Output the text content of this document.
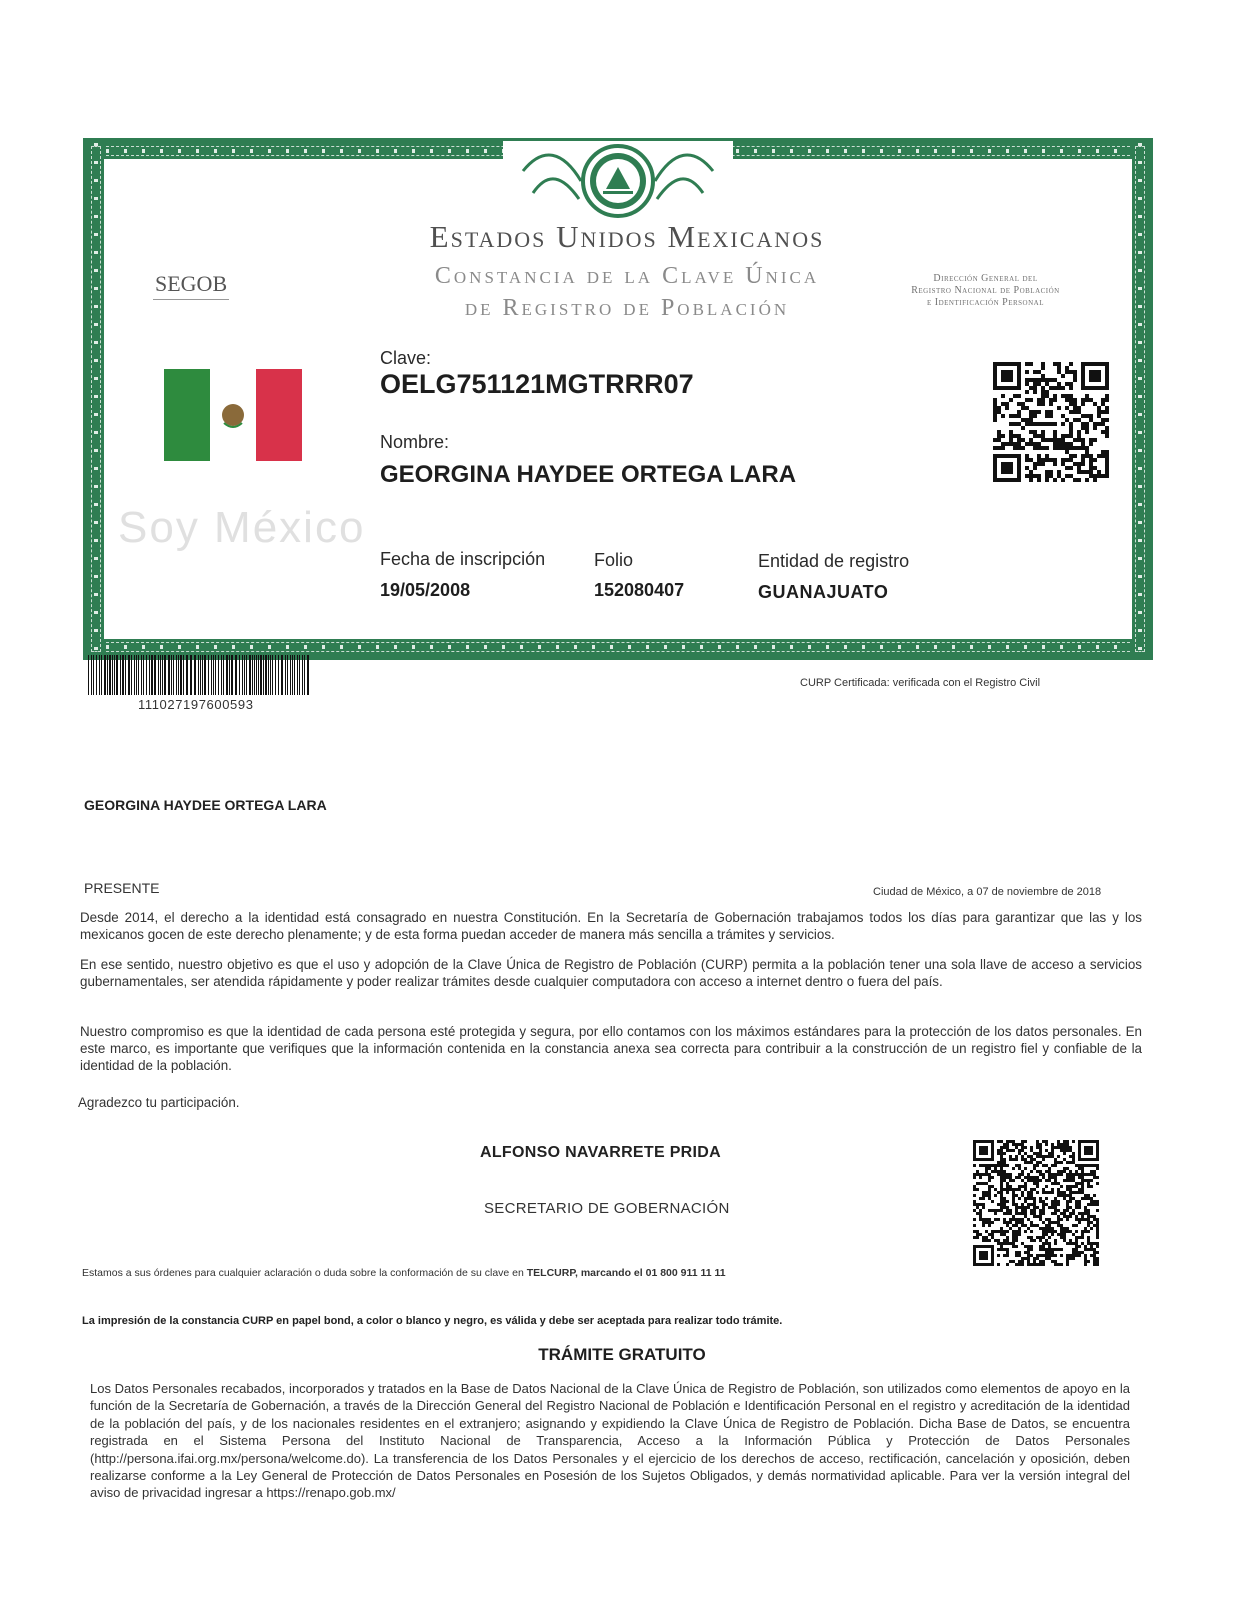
SEGOB
Estados Unidos Mexicanos
Constancia de la Clave Única
de Registro de Población
Dirección General del
Registro Nacional de Población
e Identificación Personal
Soy México
Clave:
OELG751121MGTRRR07
Nombre:
GEORGINA HAYDEE ORTEGA LARA
Fecha de inscripción
19/05/2008
Folio
152080407
Entidad de registro
GUANAJUATO
111027197600593
CURP Certificada: verificada con el Registro Civil
GEORGINA HAYDEE ORTEGA LARA
PRESENTE	Ciudad de México, a 07 de noviembre de 2018
Desde 2014, el derecho a la identidad está consagrado en nuestra Constitución. En la Secretaría de Gobernación trabajamos todos los días para garantizar que las y los mexicanos gocen de este derecho plenamente; y de esta forma puedan acceder de manera más sencilla a trámites y servicios.
En ese sentido, nuestro objetivo es que el uso y adopción de la Clave Única de Registro de Población (CURP) permita a la población tener una sola llave de acceso a servicios gubernamentales, ser atendida rápidamente y poder realizar trámites desde cualquier computadora con acceso a internet dentro o fuera del país.
Nuestro compromiso es que la identidad de cada persona esté protegida y segura, por ello contamos con los máximos estándares para la protección de los datos personales. En este marco, es importante que verifiques que la información contenida en la constancia anexa sea correcta para contribuir a la construcción de un registro fiel y confiable de la identidad de la población.
Agradezco tu participación.
ALFONSO NAVARRETE PRIDA
SECRETARIO DE GOBERNACIÓN
Estamos a sus órdenes para cualquier aclaración o duda sobre la conformación de su clave en TELCURP, marcando el 01 800 911 11 11
La impresión de la constancia CURP en papel bond, a color o blanco y negro, es válida y debe ser aceptada para realizar todo trámite.
TRÁMITE GRATUITO
Los Datos Personales recabados, incorporados y tratados en la Base de Datos Nacional de la Clave Única de Registro de Población, son utilizados como elementos de apoyo en la función de la Secretaría de Gobernación, a través de la Dirección General del Registro Nacional de Población e Identificación Personal en el registro y acreditación de la identidad de la población del país, y de los nacionales residentes en el extranjero; asignando y expidiendo la Clave Única de Registro de Población. Dicha Base de Datos, se encuentra registrada en el Sistema Persona del Instituto Nacional de Transparencia, Acceso a la Información Pública y Protección de Datos Personales (http://persona.ifai.org.mx/persona/welcome.do). La transferencia de los Datos Personales y el ejercicio de los derechos de acceso, rectificación, cancelación y oposición, deben realizarse conforme a la Ley General de Protección de Datos Personales en Posesión de los Sujetos Obligados, y demás normatividad aplicable. Para ver la versión integral del aviso de privacidad ingresar a https://renapo.gob.mx/
